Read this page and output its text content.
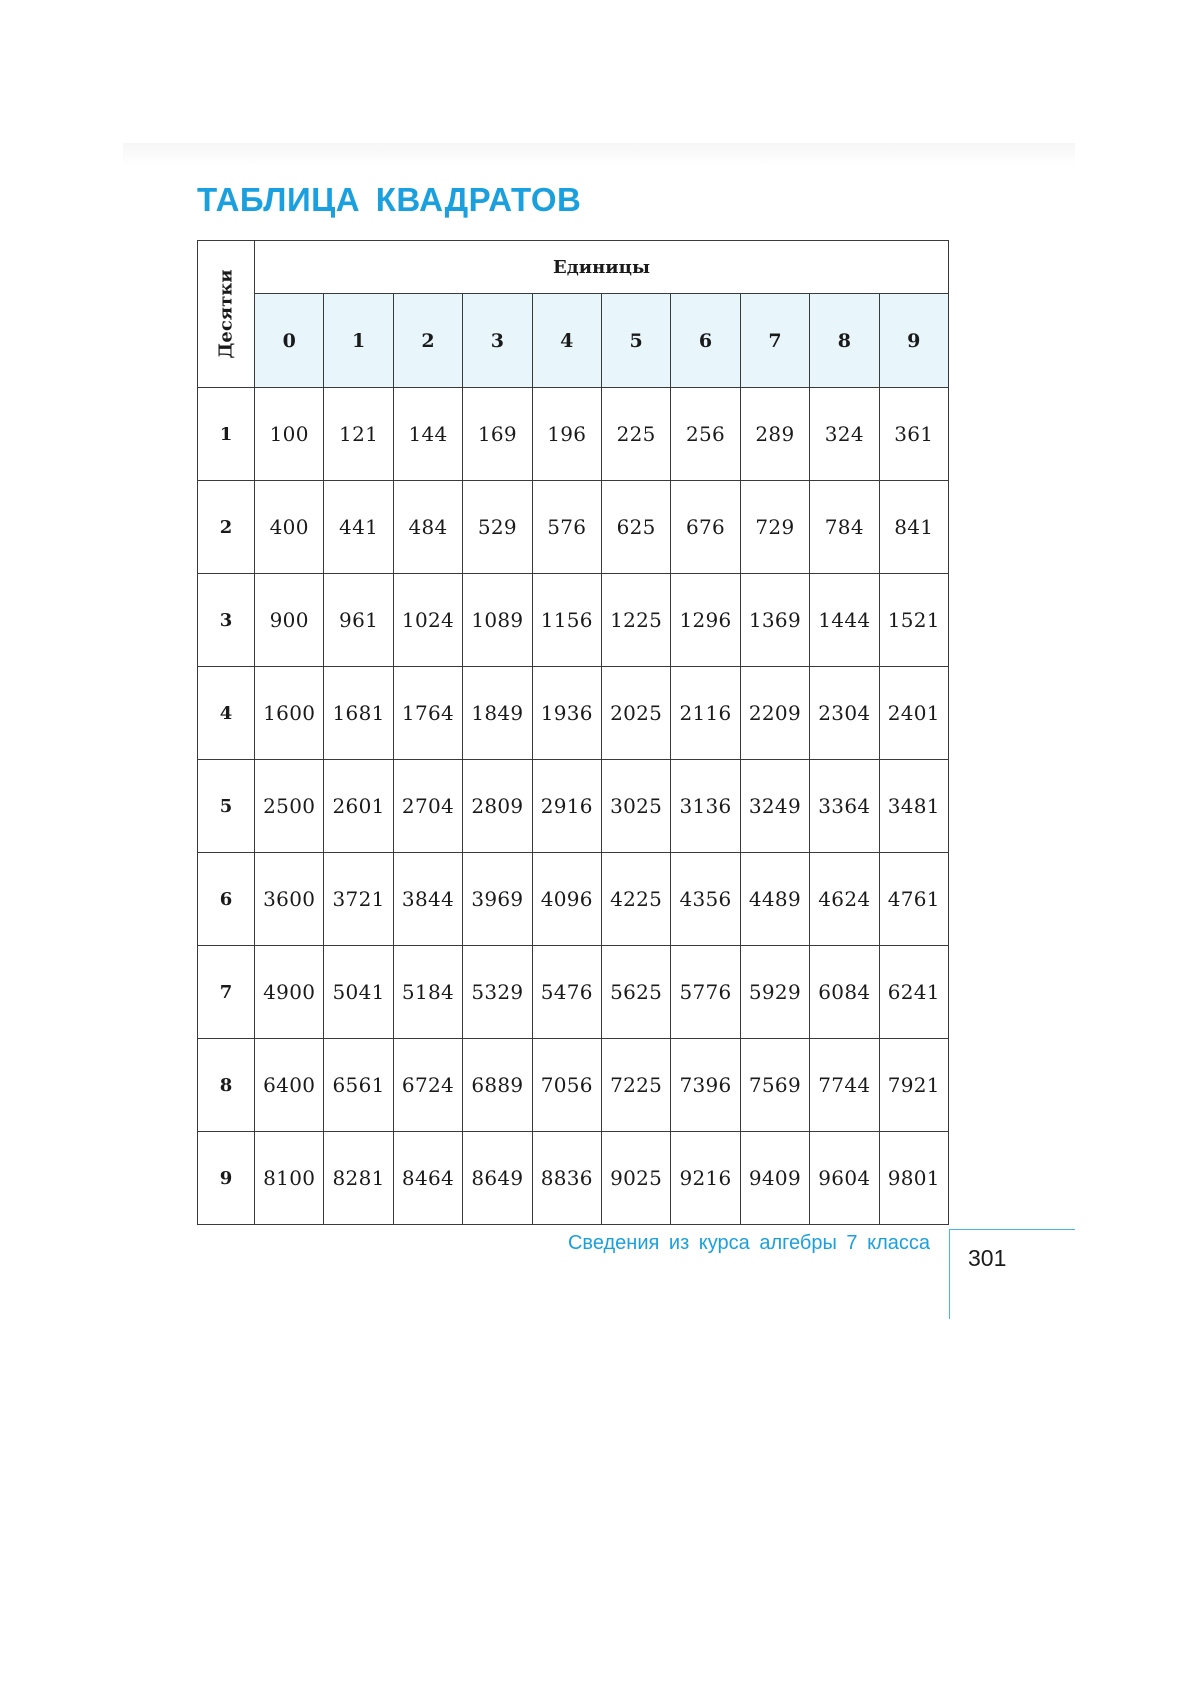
ТАБЛИЦА КВАДРАТОВ
Десятки	Единицы									
	0	1	2	3	4	5	6	7	8	9
1	100	121	144	169	196	225	256	289	324	361
2	400	441	484	529	576	625	676	729	784	841
3	900	961	1024	1089	1156	1225	1296	1369	1444	1521
4	1600	1681	1764	1849	1936	2025	2116	2209	2304	2401
5	2500	2601	2704	2809	2916	3025	3136	3249	3364	3481
6	3600	3721	3844	3969	4096	4225	4356	4489	4624	4761
7	4900	5041	5184	5329	5476	5625	5776	5929	6084	6241
8	6400	6561	6724	6889	7056	7225	7396	7569	7744	7921
9	8100	8281	8464	8649	8836	9025	9216	9409	9604	9801
Сведения из курса алгебры 7 класса
301
